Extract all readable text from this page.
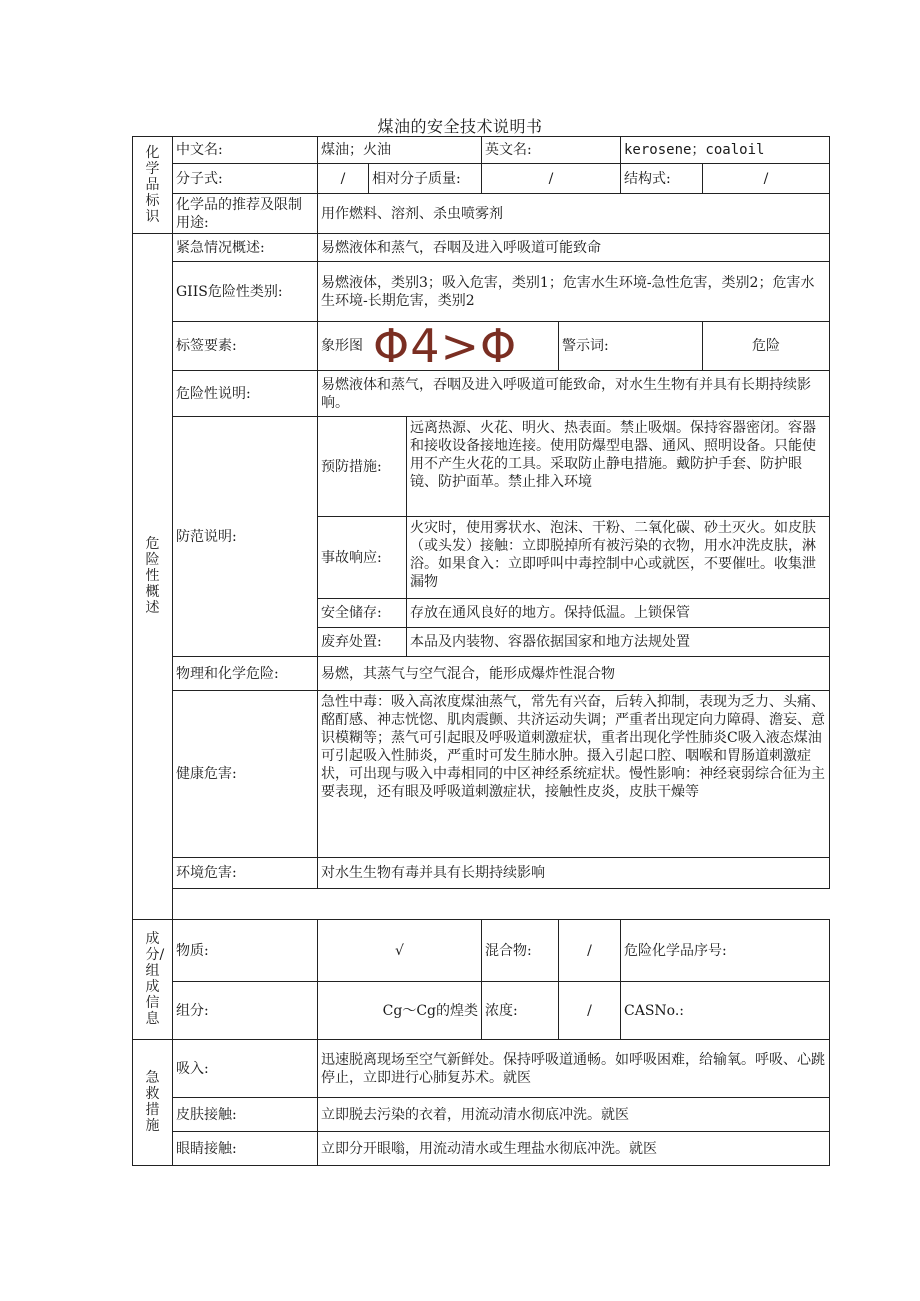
煤油的安全技术说明书
化学品标识	中文名:	煤油；火油			英文名:		kerosene；coaloil		
	分子式:	/	相对分子质量:		/		结构式:	/	
	化学品的推荐及限制用途:	用作燃料、溶剂、杀虫喷雾剂							
危险性概述	紧急情况概述:	易燃液体和蒸气，吞咽及进入呼吸道可能致命							
	GIIS危险性类别:	易燃液体，类别3；吸入危害，类别1；危害水生环境-急性危害，类别2；危害水生环境-长期危害，类别2							
	标签要素:	象形图 Φ4>Φ				警示词:		危险	
	危险性说明:	易燃液体和蒸气，吞咽及进入呼吸道可能致命，对水生生物有并具有长期持续影响。							
	防范说明:	预防措施:		远离热源、火花、明火、热表面。禁止吸烟。保持容器密闭。容器和接收设备接地连接。使用防爆型电器、通风、照明设备。只能使用不产生火花的工具。采取防止静电措施。戴防护手套、防护眼镜、防护面革。禁止排入环境					
		事故响应:		火灾时，使用雾状水、泡沫、干粉、二氧化碳、砂土灭火。如皮肤（或头发）接触：立即脱掉所有被污染的衣物，用水冲洗皮肤，淋浴。如果食入：立即呼叫中毒控制中心或就医，不要催吐。收集泄漏物					
		安全储存:		存放在通风良好的地方。保持低温。上锁保管					
		废弃处置:		本品及内装物、容器依据国家和地方法规处置					
	物理和化学危险:	易燃，其蒸气与空气混合，能形成爆炸性混合物							
	健康危害:	急性中毒：吸入高浓度煤油蒸气，常先有兴奋，后转入抑制，表现为乏力、头痛、酩酊感、神志恍惚、肌肉震颤、共济运动失调；严重者出现定向力障碍、澹妄、意识模糊等；蒸气可引起眼及呼吸道刺激症状，重者出现化学性肺炎C吸入液态煤油可引起吸入性肺炎，严重时可发生肺水肿。摄入引起口腔、咽喉和胃肠道刺激症状，可出现与吸入中毒相同的中区神经系统症状。慢性影响：神经衰弱综合征为主要表现，还有眼及呼吸道刺激症状，接触性皮炎，皮肤干燥等							
	环境危害:	对水生生物有毒并具有长期持续影响							

成分/组成信息	物质:	√			混合物:	/	危险化学品序号:	
	组分:	Cg～Cg的煌类			浓度:	/	CASNo.:	
急救措施	吸入:	迅速脱离现场至空气新鲜处。保持呼吸道通畅。如呼吸困难，给输氧。呼吸、心跳停止，立即进行心肺复苏术。就医							
	皮肤接触:	立即脱去污染的衣着，用流动清水彻底冲洗。就医							
	眼睛接触:	立即分开眼嗡，用流动清水或生理盐水彻底冲洗。就医							
